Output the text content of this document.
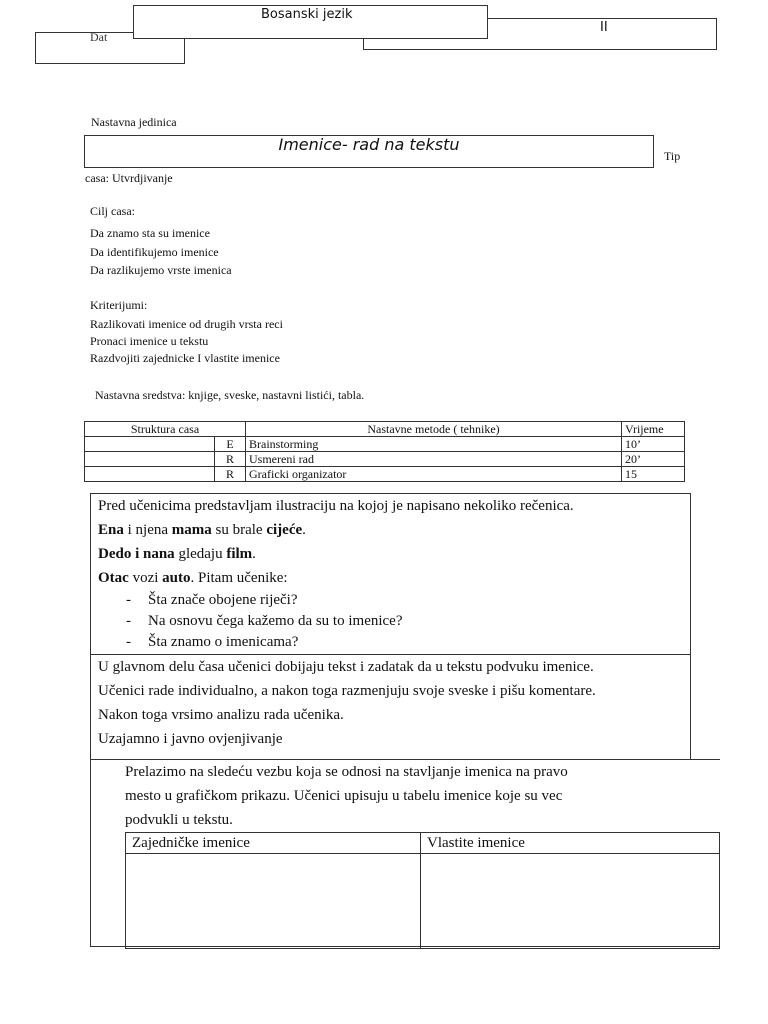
Dat
II
Bosanski jezik
Nastavna jedinica
Imenice- rad na tekstu
Tip
casa: Utvrdjivanje
Cilj casa:
Da znamo sta su imenice
Da identifikujemo imenice
Da razlikujemo vrste imenica
Kriterijumi:
Razlikovati imenice od drugih vrsta reci
Pronaci imenice u tekstu
Razdvojiti zajednicke I vlastite imenice
Nastavna sredstva: knjige, sveske, nastavni listići, tabla.
Struktura casa		Nastavne metode ( tehnike)	Vrijeme
	E	Brainstorming	10’
	R	Usmereni rad	20’
	R	Graficki organizator	15

Pred učenicima predstavljam ilustraciju na kojoj je napisano nekoliko rečenica.

Ena i njena mama su brale cijeće.

Dedo i nana gledaju film.

Otac vozi auto. Pitam učenike:

- Šta znače obojene riječi?
- Na osnovu čega kažemo da su to imenice?
- Šta znamo o imenicama?

U glavnom delu časa učenici dobijaju tekst i zadatak da u tekstu podvuku imenice.

Učenici rade individualno, a nakon toga razmenjuju svoje sveske i pišu komentare.

Nakon toga vrsimo analizu rada učenika.

Uzajamno i javno ovjenjivanje

Prelazimo na sledeću vezbu koja se odnosi na stavljanje imenica na pravo

mesto u grafičkom prikazu. Učenici upisuju u tabelu imenice koje su vec

podvukli u tekstu.

Zajedničke imenice	Vlastite imenice
